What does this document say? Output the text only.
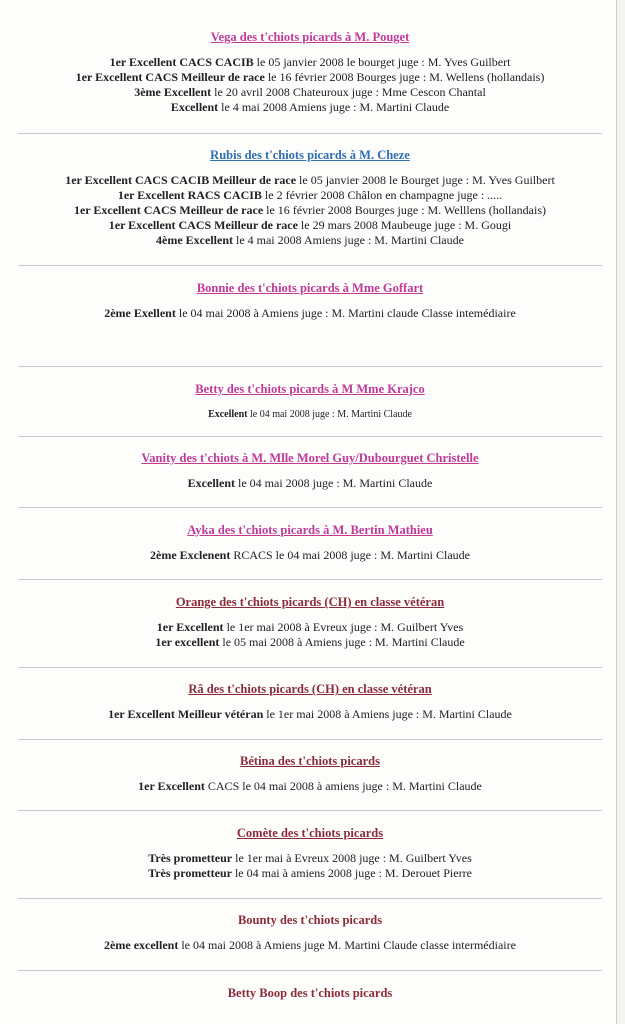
Vega des t'chiots picards à M. Pouget
1er Excellent CACS CACIB le 05 janvier 2008 le bourget juge : M. Yves Guilbert
1er Excellent CACS Meilleur de race le 16 février 2008 Bourges juge : M. Wellens (hollandais)
3ème Excellent le 20 avril 2008 Chateuroux juge : Mme Cescon Chantal
Excellent le 4 mai 2008 Amiens juge : M. Martini Claude
Rubis des t'chiots picards à M. Cheze
1er Excellent CACS CACIB Meilleur de race le 05 janvier 2008 le Bourget juge : M. Yves Guilbert
1er Excellent RACS CACIB le 2 février 2008 Châlon en champagne juge : .....
1er Excellent CACS Meilleur de race le 16 février 2008 Bourges juge : M. Welllens (hollandais)
1er Excellent CACS Meilleur de race le 29 mars 2008 Maubeuge juge : M. Gougi
4ème Excellent le 4 mai 2008 Amiens juge : M. Martini Claude
Bonnie des t'chiots picards à Mme Goffart
2ème Exellent le 04 mai 2008 à Amiens juge : M. Martini claude Classe intemédiaire
Betty des t'chiots picards à M Mme Krajco
Excellent le 04 mai 2008 juge : M. Martini Claude
Vanity des t'chiots à M. Mlle Morel Guy/Dubourguet Christelle
Excellent le 04 mai 2008 juge : M. Martini Claude
Ayka des t'chiots picards à M. Bertin Mathieu
2ème Exclenent RCACS le 04 mai 2008 juge : M. Martini Claude
Orange des t'chiots picards (CH) en classe vétéran
1er Excellent le 1er mai 2008 à Evreux juge : M. Guilbert Yves
1er excellent le 05 mai 2008 à Amiens juge : M. Martini Claude
Râ des t'chiots picards (CH) en classe vétéran
1er Excellent Meilleur vétéran le 1er mai 2008 à Amiens juge : M. Martini Claude
Bétina des t'chiots picards
1er Excellent CACS le 04 mai 2008 à amiens juge : M. Martini Claude
Comète des t'chiots picards
Très prometteur le 1er mai à Evreux 2008 juge : M. Guilbert Yves
Très prometteur le 04 mai à amiens 2008 juge : M. Derouet Pierre
Bounty des t'chiots picards
2ème excellent le 04 mai 2008 à Amiens juge M. Martini Claude classe intermédiaire
Betty Boop des t'chiots picards
